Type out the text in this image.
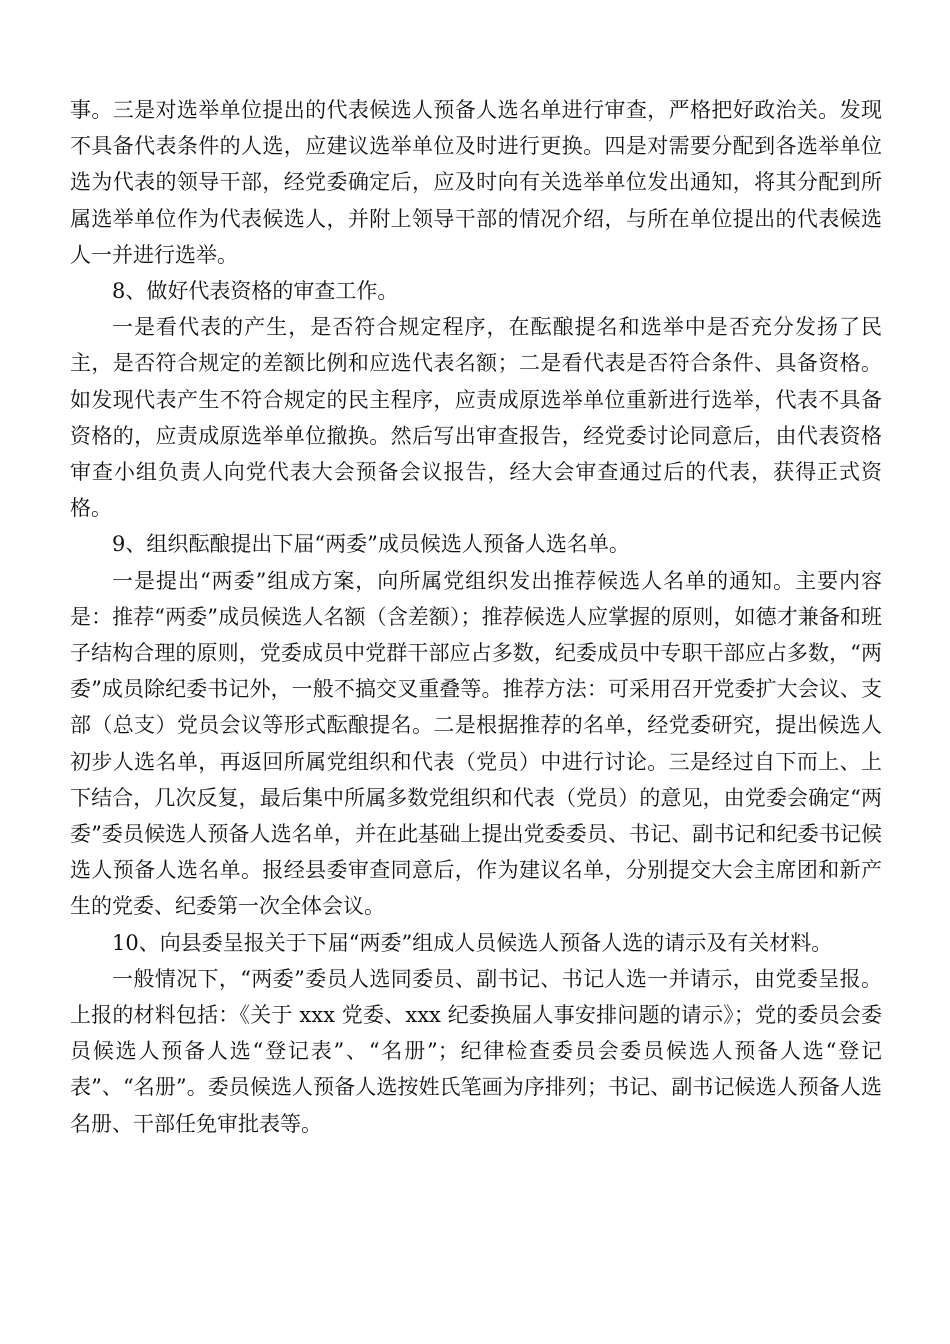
事。三是对选举单位提出的代表候选人预备人选名单进行审查，严格把好政治关。发现不具备代表条件的人选，应建议选举单位及时进行更换。四是对需要分配到各选举单位选为代表的领导干部，经党委确定后，应及时向有关选举单位发出通知，将其分配到所属选举单位作为代表候选人，并附上领导干部的情况介绍，与所在单位提出的代表候选人一并进行选举。

8、做好代表资格的审查工作。

一是看代表的产生，是否符合规定程序，在酝酿提名和选举中是否充分发扬了民主，是否符合规定的差额比例和应选代表名额；二是看代表是否符合条件、具备资格。如发现代表产生不符合规定的民主程序，应责成原选举单位重新进行选举，代表不具备资格的，应责成原选举单位撤换。然后写出审查报告，经党委讨论同意后，由代表资格审查小组负责人向党代表大会预备会议报告，经大会审查通过后的代表，获得正式资格。

9、组织酝酿提出下届“两委”成员候选人预备人选名单。

一是提出“两委”组成方案，向所属党组织发出推荐候选人名单的通知。主要内容是：推荐“两委”成员候选人名额（含差额）；推荐候选人应掌握的原则，如德才兼备和班子结构合理的原则，党委成员中党群干部应占多数，纪委成员中专职干部应占多数，“两委”成员除纪委书记外，一般不搞交叉重叠等。推荐方法：可采用召开党委扩大会议、支部（总支）党员会议等形式酝酿提名。二是根据推荐的名单，经党委研究，提出候选人初步人选名单，再返回所属党组织和代表（党员）中进行讨论。三是经过自下而上、上下结合，几次反复，最后集中所属多数党组织和代表（党员）的意见，由党委会确定“两委”委员候选人预备人选名单，并在此基础上提出党委委员、书记、副书记和纪委书记候选人预备人选名单。报经县委审查同意后，作为建议名单，分别提交大会主席团和新产生的党委、纪委第一次全体会议。

10、向县委呈报关于下届“两委”组成人员候选人预备人选的请示及有关材料。

一般情况下，“两委”委员人选同委员、副书记、书记人选一并请示，由党委呈报。上报的材料包括：《关于 xxx 党委、xxx 纪委换届人事安排问题的请示》；党的委员会委员候选人预备人选“登记表”、“名册”；纪律检查委员会委员候选人预备人选“登记表”、“名册”。委员候选人预备人选按姓氏笔画为序排列；书记、副书记候选人预备人选名册、干部任免审批表等。
